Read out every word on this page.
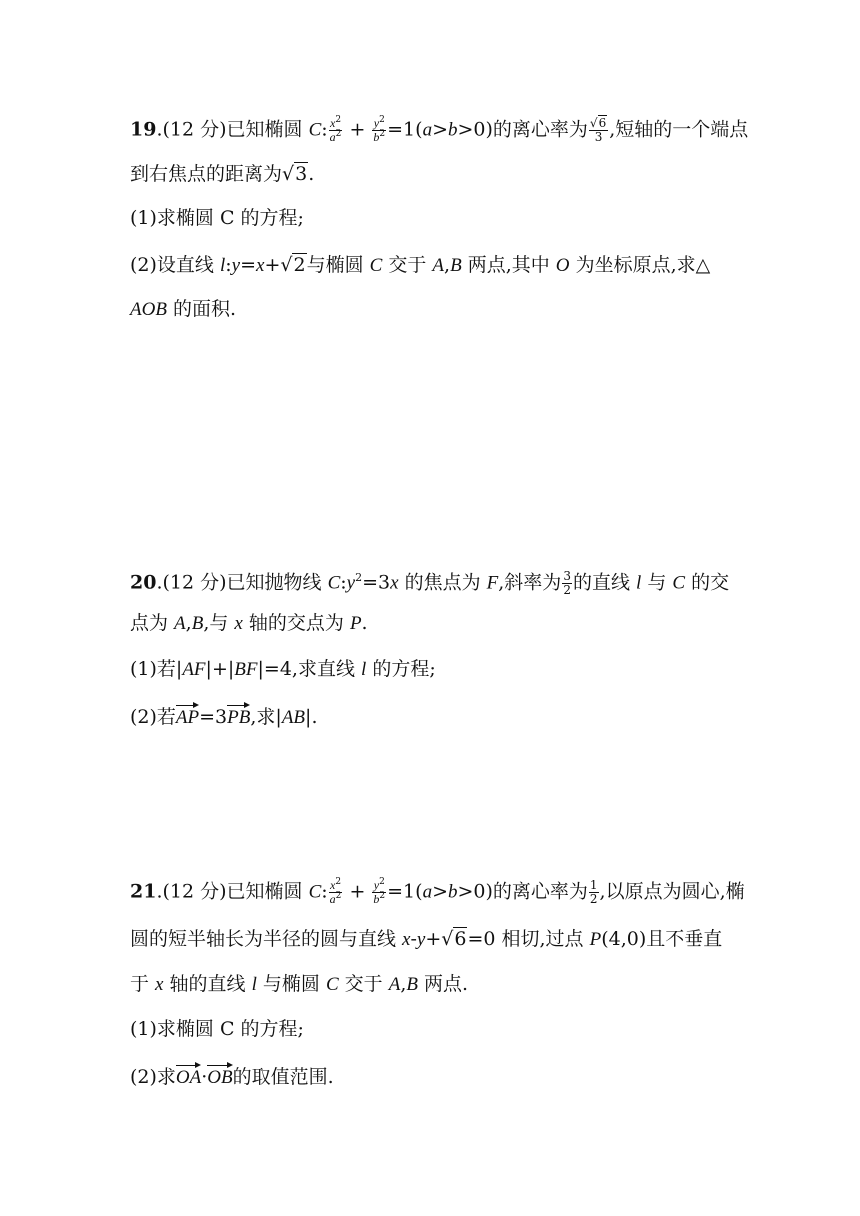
19.(12 分)已知椭圆 C: $\frac{x^2}{a^2} + \frac{y^2}{b^2} =1(a>b>0)$的离心率为 $\frac{√6}{3}$ ,短轴的一个端点
到右焦点的距离为√3.
(1)求椭圆 C 的方程;
(2)设直线 l:y=x+√2与椭圆 C 交于 A,B 两点,其中 O 为坐标原点,求△
AOB 的面积.
20.(12 分)已知抛物线 $C:y^2=3x$ 的焦点为 F,斜率为 $\frac{3}{2}$ 的直线 l 与 C 的交
点为 A,B,与 x 轴的交点为 P.
(1)若|AF|+|BF|=4,求直线 l 的方程;
(2)若AP=3PB,求|AB|.
21.(12 分)已知椭圆 C: $\frac{x^2}{a^2} + \frac{y^2}{b^2} =1(a>b>0)$的离心率为 $\frac{1}{2}$ ,以原点为圆心,椭
圆的短半轴长为半径的圆与直线 x-y+√6=0 相切,过点 P(4,0)且不垂直
于 x 轴的直线 l 与椭圆 C 交于 A,B 两点.
(1)求椭圆 C 的方程;
(2)求OA·OB的取值范围.
